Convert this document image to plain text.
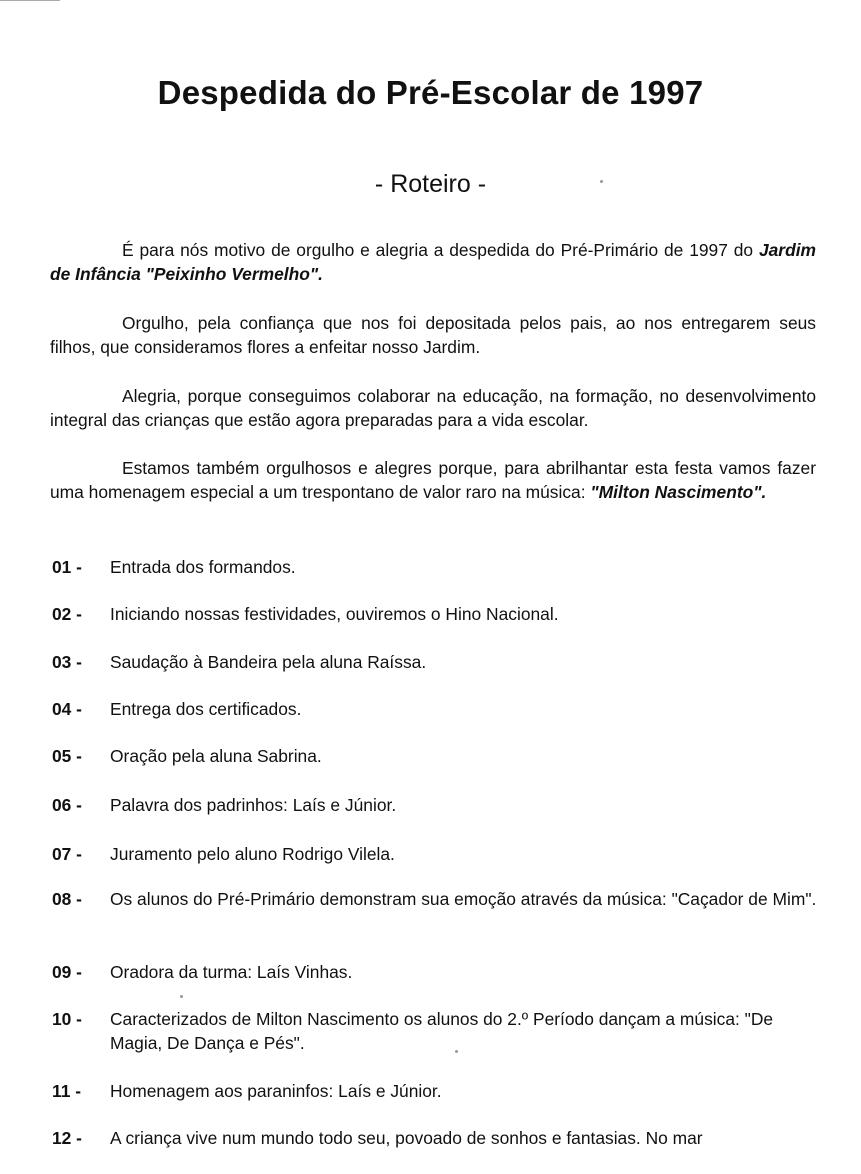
Despedida do Pré-Escolar de 1997
- Roteiro -
É para nós motivo de orgulho e alegria a despedida do Pré-Primário de 1997 do Jardim de Infância "Peixinho Vermelho".
Orgulho, pela confiança que nos foi depositada pelos pais, ao nos entregarem seus filhos, que consideramos flores a enfeitar nosso Jardim.
Alegria, porque conseguimos colaborar na educação, na formação, no desenvolvimento integral das crianças que estão agora preparadas para a vida escolar.
Estamos também orgulhosos e alegres porque, para abrilhantar esta festa vamos fazer uma homenagem especial a um trespontano de valor raro na música: "Milton Nascimento".
01 -	Entrada dos formandos.
02 -	Iniciando nossas festividades, ouviremos o Hino Nacional.
03 -	Saudação à Bandeira pela aluna Raíssa.
04 -	Entrega dos certificados.
05 -	Oração pela aluna Sabrina.
06 -	Palavra dos padrinhos: Laís e Júnior.
07 -	Juramento pelo aluno Rodrigo Vilela.
08 -	Os alunos do Pré-Primário demonstram sua emoção através da música: "Caçador de Mim".
09 -	Oradora da turma: Laís Vinhas.
10 -	Caracterizados de Milton Nascimento os alunos do 2.º Período dançam a música: "De Magia, De Dança e Pés".
11 -	Homenagem aos paraninfos: Laís e Júnior.
12 -	A criança vive num mundo todo seu, povoado de sonhos e fantasias. No mar
